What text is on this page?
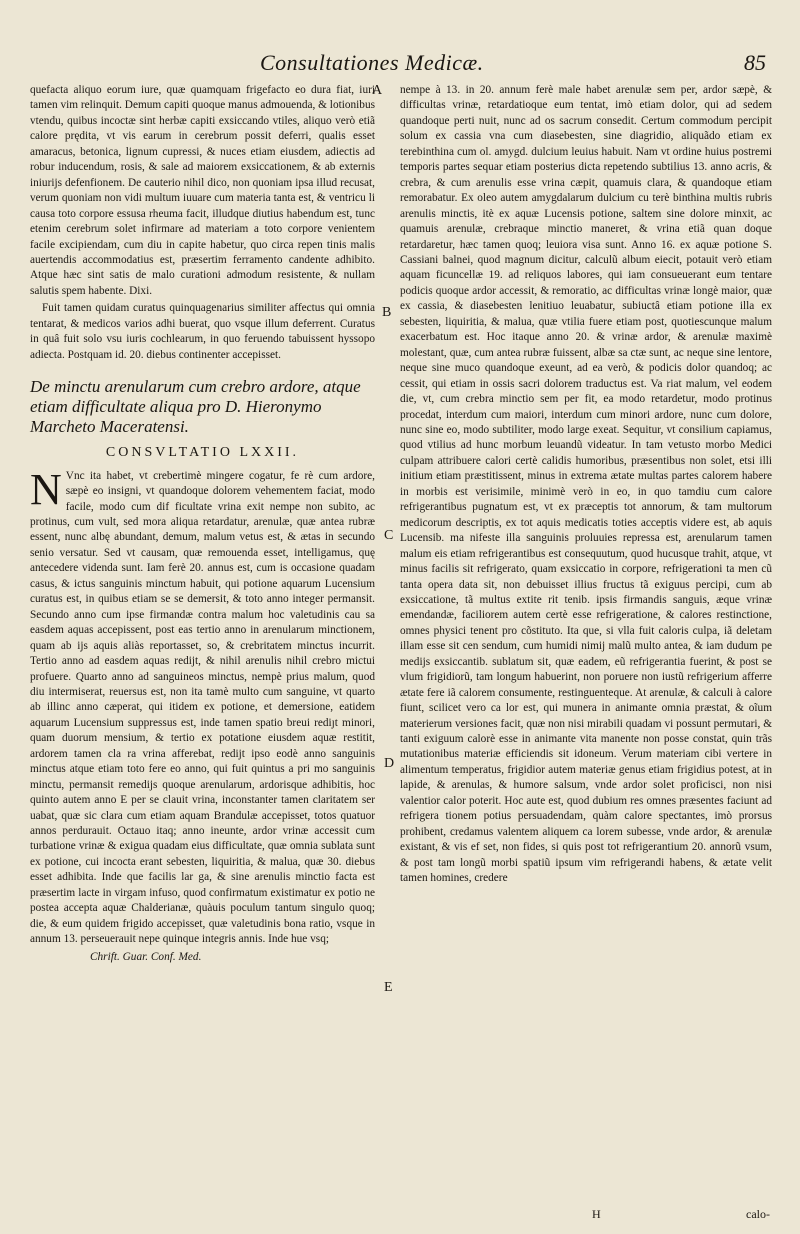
Consultationes Medicæ.	85
A
B
C
D
E

quefacta aliquo eorum iure, quæ quamquam frigefacto eo dura fiat, iuri tamen vim relinquit. Demum capiti quoque manus admouenda, & lotionibus vtendu, quibus incoctæ sint herbæ capiti exsiccando vtiles, aliquo verò etiã calore prędita, vt vis earum in cerebrum possit deferri, qualis esset amaracus, betonica, lignum cupressi, & nuces etiam eiusdem, adiectis ad robur inducendum, rosis, & sale ad maiorem exsiccationem, & ab externis iniurijs defenfionem. De cauterio nihil dico, non quoniam ipsa illud recusat, verum quoniam non vidi multum iuuare cum materia tanta est, & ventricu li causa toto corpore essusa rheuma facit, illudque diutius habendum est, tunc etenim cerebrum solet infirmare ad materiam a toto corpore venientem facile excipiendam, cum diu in capite habetur, quo circa repen tinis malis auertendis accommodatius est, præsertim ferramento candente adhibito. Atque hæc sint satis de malo curationi admodum resistente, & nullam salutis spem habente. Dixi.

Fuit tamen quidam curatus quinquagenarius similiter affectus qui omnia tentarat, & medicos varios adhi buerat, quo vsque illum deferrent. Curatus in quâ fuit solo vsu iuris cochlearum, in quo feruendo tabuissent hyssopo adiecta. Postquam id. 20. diebus continenter accepisset.

De minctu arenularum cum crebro ardore, atque etiam difficultate aliqua pro D. Hieronymo Marcheto Maceratensi.
CONSVLTATIO LXXII.

N Vnc ita habet, vt crebertimè mingere cogatur, fe rè cum ardore, sæpè eo insigni, vt quandoque dolorem vehementem faciat, modo facile, modo cum dif ficultate vrina exit nempe non subito, ac protinus, cum vult, sed mora aliqua retardatur, arenulæ, quæ antea rubræ essent, nunc albę abundant, demum, malum vetus est, & ætas in secundo senio versatur. Sed vt causam, quæ remouenda esset, intelligamus, quę antecedere videnda sunt. Iam ferè 20. annus est, cum is occasione quadam casus, & ictus sanguinis minctum habuit, qui potione aquarum Lucensium curatus est, in quibus etiam se se demersit, & toto anno integer permansit. Secundo anno cum ipse firmandæ contra malum hoc valetudinis cau sa easdem aquas accepissent, post eas tertio anno in arenularum minctionem, quam ab ijs aquis aliàs reportasset, so, & crebritatem minctus incurrit. Tertio anno ad easdem aquas redijt, & nihil arenulis nihil crebro mictui profuere. Quarto anno ad sanguineos minctus, nempè prius malum, quod diu intermiserat, reuersus est, non ita tamè multo cum sanguine, vt quarto ab illinc anno cæperat, qui itidem ex potione, et demersione, eatidem aquarum Lucensium suppressus est, inde tamen spatio breui rediȷt minori, quam duorum mensium, & tertio ex potatione eiusdem aquæ restitit, ardorem tamen cla ra vrina afferebat, redijt ipso eodè anno sanguinis minctus atque etiam toto fere eo anno, qui fuit quintus a pri mo sanguinis minctu, permansit remedijs quoque arenularum, ardorisque adhibitis, hoc quinto autem anno E per se clauit vrina, inconstanter tamen claritatem ser uabat, quæ sic clara cum etiam aquam Brandulæ accepisset, totos quatuor annos perdurauit. Octauo itaq; anno ineunte, ardor vrinæ accessit cum turbatione vrinæ & exigua quadam eius difficultate, quæ omnia sublata sunt ex potione, cui incocta erant sebesten, liquiritia, & malua, quæ 30. diebus esset adhibita. Inde que facilis lar ga, & sine arenulis minctio facta est præsertim lacte in virgam infuso, quod confirmatum existimatur ex potio ne postea accepta aquæ Chalderianæ, quàuis poculum tantum singulo quoq; die, & eum quidem frigido accepisset, quæ valetudinis bona ratio, vsque in annum 13. perseuerauit nepe quinque integris annis. Inde hue vsq;

Chrift. Guar. Conf. Med.

nempe à 13. in 20. annum ferè male habet arenulæ sem per, ardor sæpè, & difficultas vrinæ, retardatioque eum tentat, imò etiam dolor, qui ad sedem quandoque perti nuit, nunc ad os sacrum consedit. Certum commodum percipit solum ex cassia vna cum diasebesten, sine diagridio, aliquãdo etiam ex terebinthina cum ol. amygd. dulcium leuius habuit. Nam vt ordine huius postremi temporis partes sequar etiam posterius dicta repetendo subtilius 13. anno acris, & crebra, & cum arenulis esse vrina cæpit, quamuis clara, & quandoque etiam remorabatur. Ex oleo autem amygdalarum dulcium cu terè binthina multis rubris arenulis minctis, itè ex aquæ Lucensis potione, saltem sine dolore minxit, ac quamuis arenulæ, crebraque minctio maneret, & vrina etiã quan doque retardaretur, hæc tamen quoq; leuiora visa sunt. Anno 16. ex aquæ potione S. Cassiani balnei, quod magnum dicitur, calculũ album eiecit, potauit verò etiam aquam ficuncellæ 19. ad reliquos labores, qui iam consueuerant eum tentare podicis quoque ardor accessit, & remoratio, ac difficultas vrinæ longè maior, quæ ex cassia, & diasebesten lenitiuo leuabatur, subiuctâ etiam potione illa ex sebesten, liquiritia, & malua, quæ vtilia fuere etiam post, quotiescunque malum exacerbatum est. Hoc itaque anno 20. & vrinæ ardor, & arenulæ maximè molestant, quæ, cum antea rubræ fuissent, albæ sa ctæ sunt, ac neque sine lentore, neque sine muco quandoque exeunt, ad ea verò, & podicis dolor quandoq; ac cessit, qui etiam in ossis sacri dolorem traductus est. Va riat malum, vel eodem die, vt, cum crebra minctio sem per fit, ea modo retardetur, modo protinus procedat, interdum cum maiori, interdum cum minori ardore, nunc cum dolore, nunc sine eo, modo subtiliter, modo large exeat. Sequitur, vt consilium capiamus, quod vtilius ad hunc morbum leuandũ videatur. In tam vetusto morbo Medici culpam attribuere calori certè calidis humoribus, præsentibus non solet, etsi illi initium etiam præstitissent, minus in extrema ætate multas partes calorem habere in morbis est verisimile, minimè verò in eo, in quo tamdiu cum calore refrigerantibus pugnatum est, vt ex præceptis tot annorum, & tam multorum medicorum descriptis, ex tot aquis medicatis toties acceptis videre est, ab aquis Lucensib. ma nifeste illa sanguinis proluuies repressa est, arenularum tamen malum eis etiam refrigerantibus est consequutum, quod hucusque trahit, atque, vt minus facilis sit refrigerato, quam exsiccatio in corpore, refrigerationi ta men cũ tanta opera data sit, non debuisset illius fructus tã exiguus percipi, cum ab exsiccatione, tã multus extite rit tenib. ipsis firmandis sanguis, æque vrinæ emendandæ, faciliorem autem certè esse refrigeratione, & calores restinctione, omnes physici tenent pro cõstituto. Ita que, si vlla fuit caloris culpa, iã deletam illam esse sit cen sendum, cum humidi nimij malũ multo antea, & iam dudum pe medijs exsiccantib. sublatum sit, quæ eadem, eũ refrigerantia fuerint, & post se vlum frigidiorũ, tam longum habuerint, non poruere non iustũ refrigerium afferre ætate fere iã calorem consumente, restinguenteque. At arenulæ, & calculi à calore fiunt, scilicet vero ca lor est, qui munera in animante omnia præstat, & oĩum materierum versiones facit, quæ non nisi mirabili quadam vi possunt permutari, & tanti exiguum calorè esse in animante vita manente non posse constat, quin trãs mutationibus materiæ efficiendis sit idoneum. Verum materiam cibi vertere in alimentum temperatus, frigidior autem materiæ genus etiam frigidius potest, at in lapide, & arenulas, & humore salsum, vnde ardor solet proficisci, non nisi valentior calor poterit. Hoc aute est, quod dubium res omnes præsentes faciunt ad refrigera tionem potius persuadendam, quàm calore spectantes, imò prorsus prohibent, credamus valentem aliquem ca lorem subesse, vnde ardor, & arenulæ existant, & vis ef set, non fides, si quis post tot refrigerantium 20. annorũ vsum, & post tam longũ morbi spatiũ ipsum vim refrigerandi habens, & ætate velit tamen homines, credere

H	calo-
